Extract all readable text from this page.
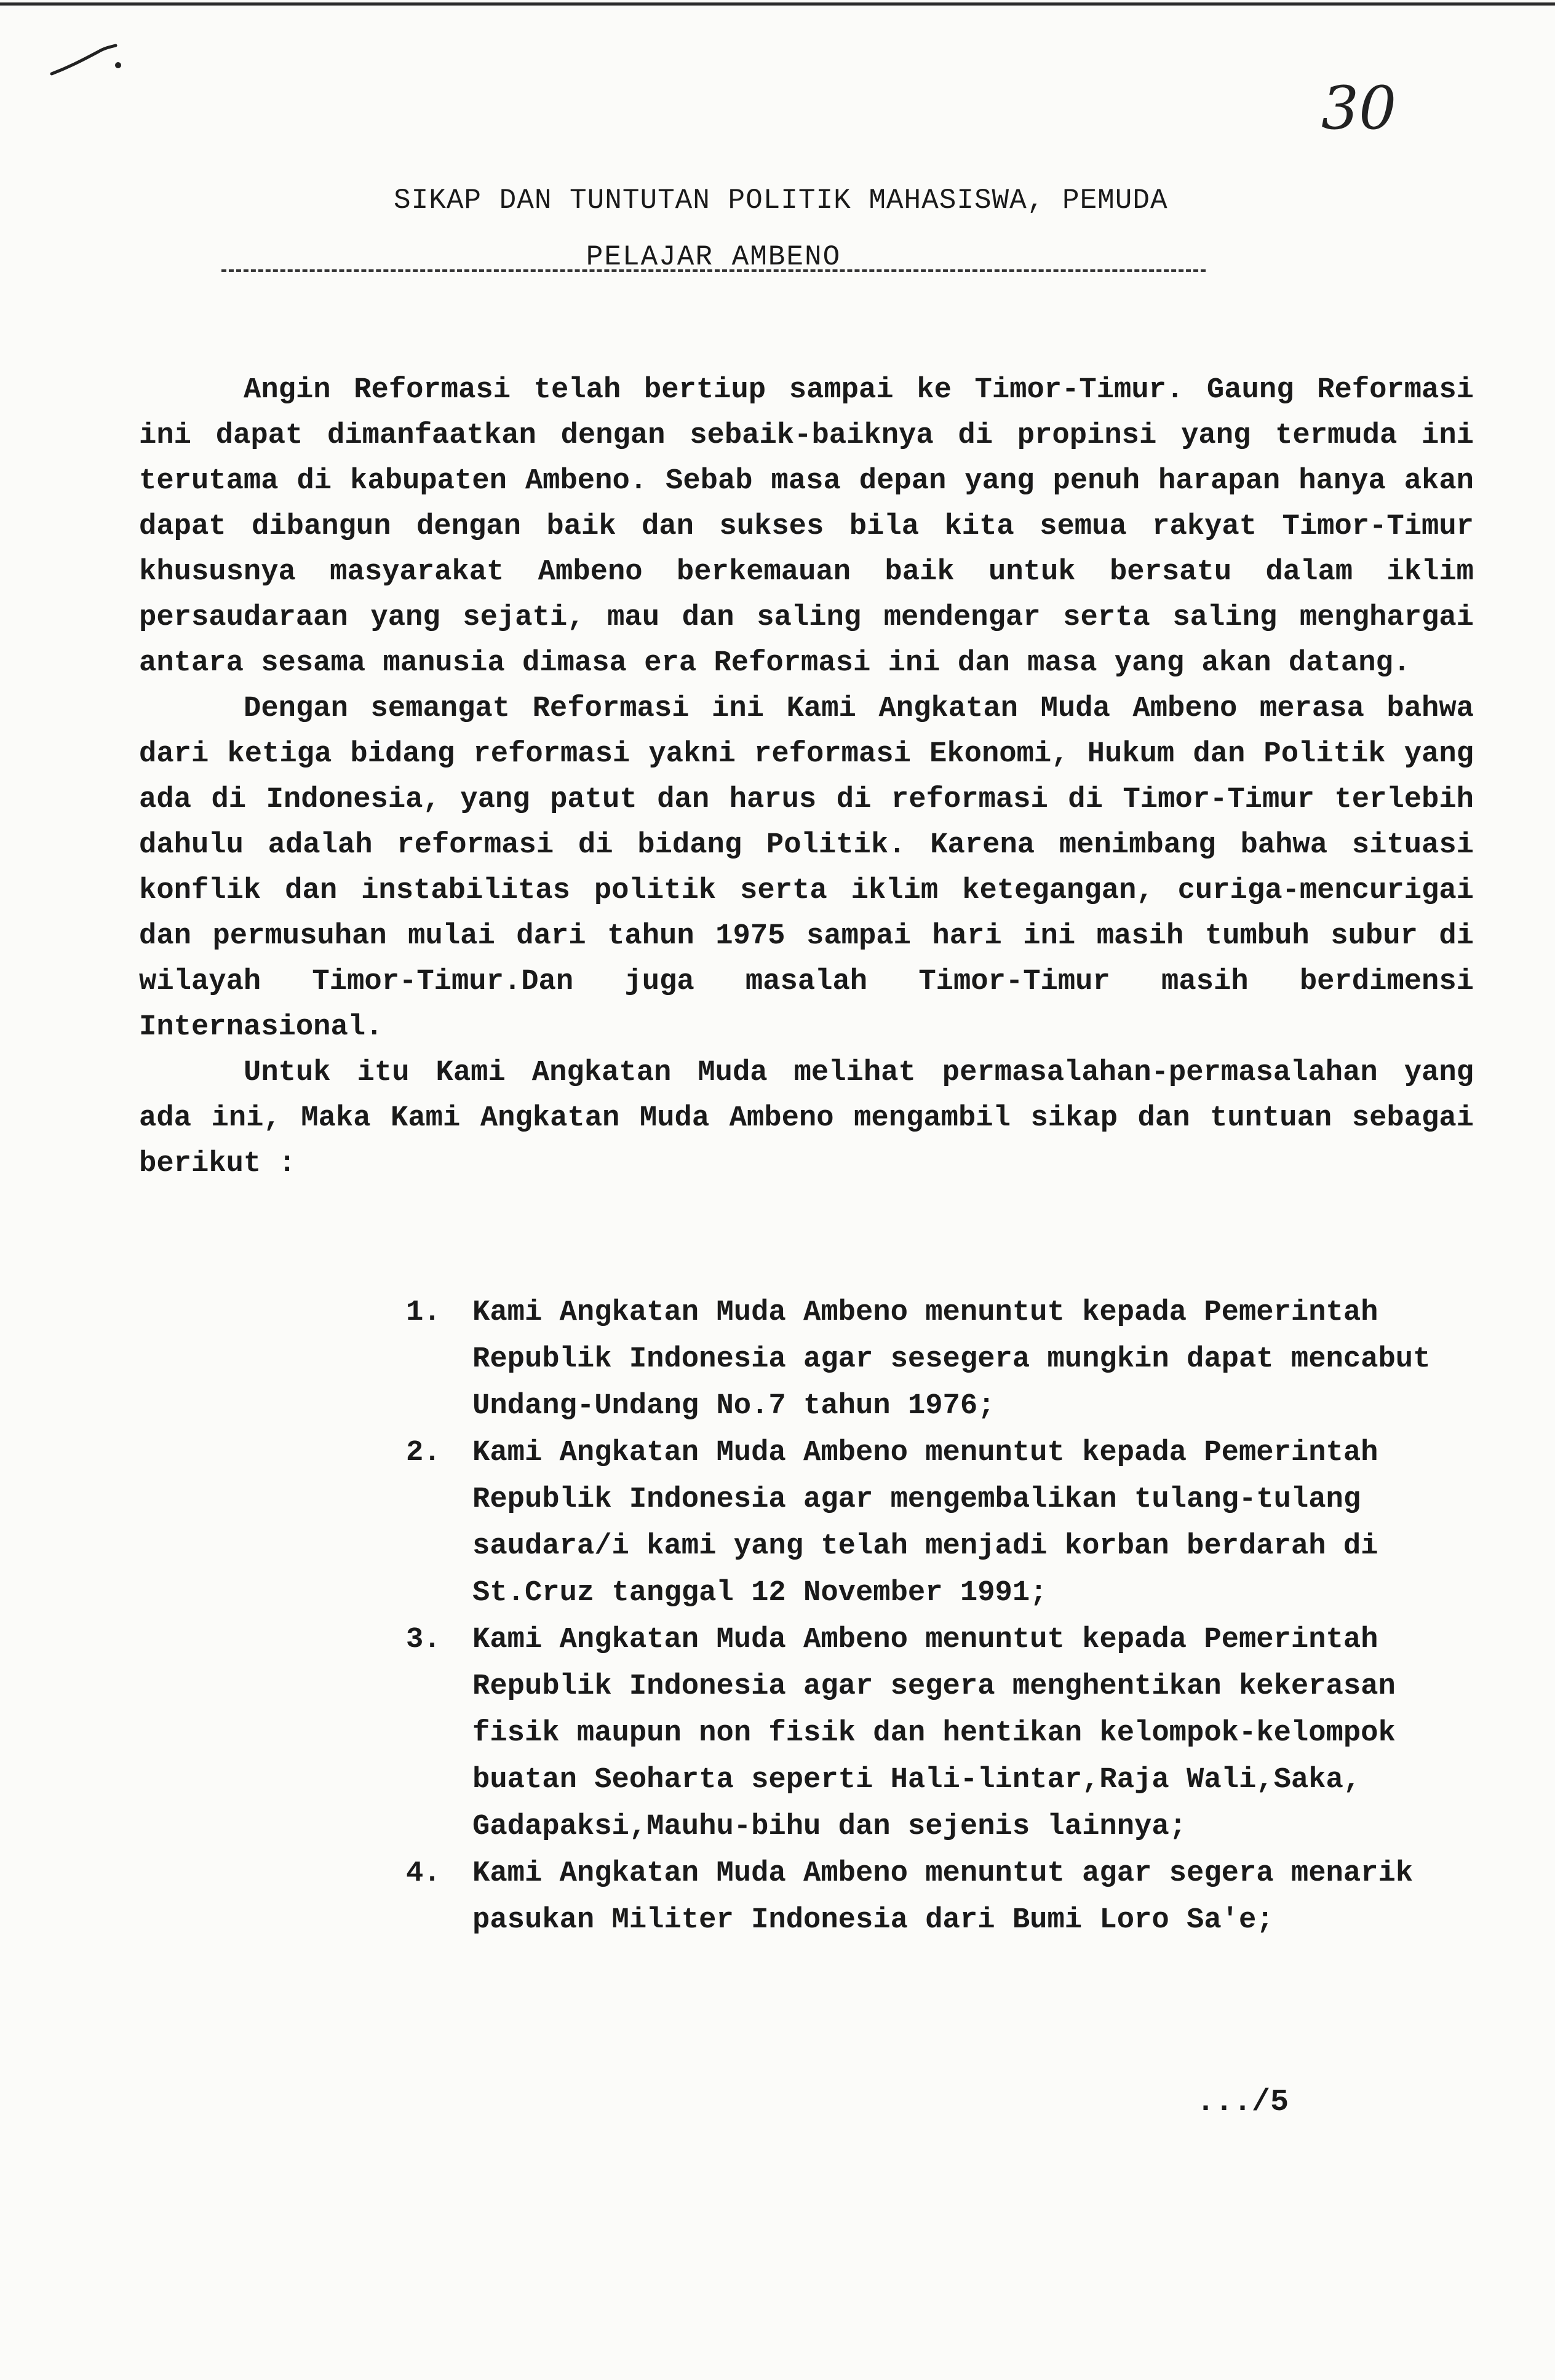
30
SIKAP DAN TUNTUTAN POLITIK MAHASISWA, PEMUDA
PELAJAR AMBENO

Angin Reformasi telah bertiup sampai ke Timor-Timur. Gaung Reformasi ini dapat dimanfaatkan dengan sebaik-baiknya di propinsi yang termuda ini terutama di kabupaten Ambeno. Sebab masa depan yang penuh harapan hanya akan dapat dibangun dengan baik dan sukses bila kita semua rakyat Timor-Timur khususnya masyarakat Ambeno berkemauan baik untuk bersatu dalam iklim persaudaraan yang sejati, mau dan saling mendengar serta saling menghargai antara sesama manusia dimasa era Reformasi ini dan masa yang akan datang.

Dengan semangat Reformasi ini Kami Angkatan Muda Ambeno merasa bahwa dari ketiga bidang reformasi yakni reformasi Ekonomi, Hukum dan Politik yang ada di Indonesia, yang patut dan harus di reformasi di Timor-Timur terlebih dahulu adalah reformasi di bidang Politik. Karena menimbang bahwa situasi konflik dan instabilitas politik serta iklim ketegangan, curiga-mencurigai dan permusuhan mulai dari tahun 1975 sampai hari ini masih tumbuh subur di wilayah Timor-Timur.Dan juga masalah Timor-Timur masih berdimensi Internasional.

Untuk itu Kami Angkatan Muda melihat permasalahan-permasalahan yang ada ini, Maka Kami Angkatan Muda Ambeno mengambil sikap dan tuntuan sebagai berikut :

1.	Kami Angkatan Muda Ambeno menuntut kepada Pemerintah Republik Indonesia agar sesegera mungkin dapat mencabut Undang-Undang No.7 tahun 1976;
2.	Kami Angkatan Muda Ambeno menuntut kepada Pemerintah Republik Indonesia agar mengembalikan tulang-tulang saudara/i kami yang telah menjadi korban berdarah di St.Cruz tanggal 12 November 1991;
3.	Kami Angkatan Muda Ambeno menuntut kepada Pemerintah Republik Indonesia agar segera menghentikan kekerasan fisik maupun non fisik dan hentikan kelompok-kelompok buatan Seoharta seperti Hali-lintar,Raja Wali,Saka, Gadapaksi,Mauhu-bihu dan sejenis lainnya;
4.	Kami Angkatan Muda Ambeno menuntut agar segera menarik pasukan Militer Indonesia dari Bumi Loro Sa'e;
.../5
